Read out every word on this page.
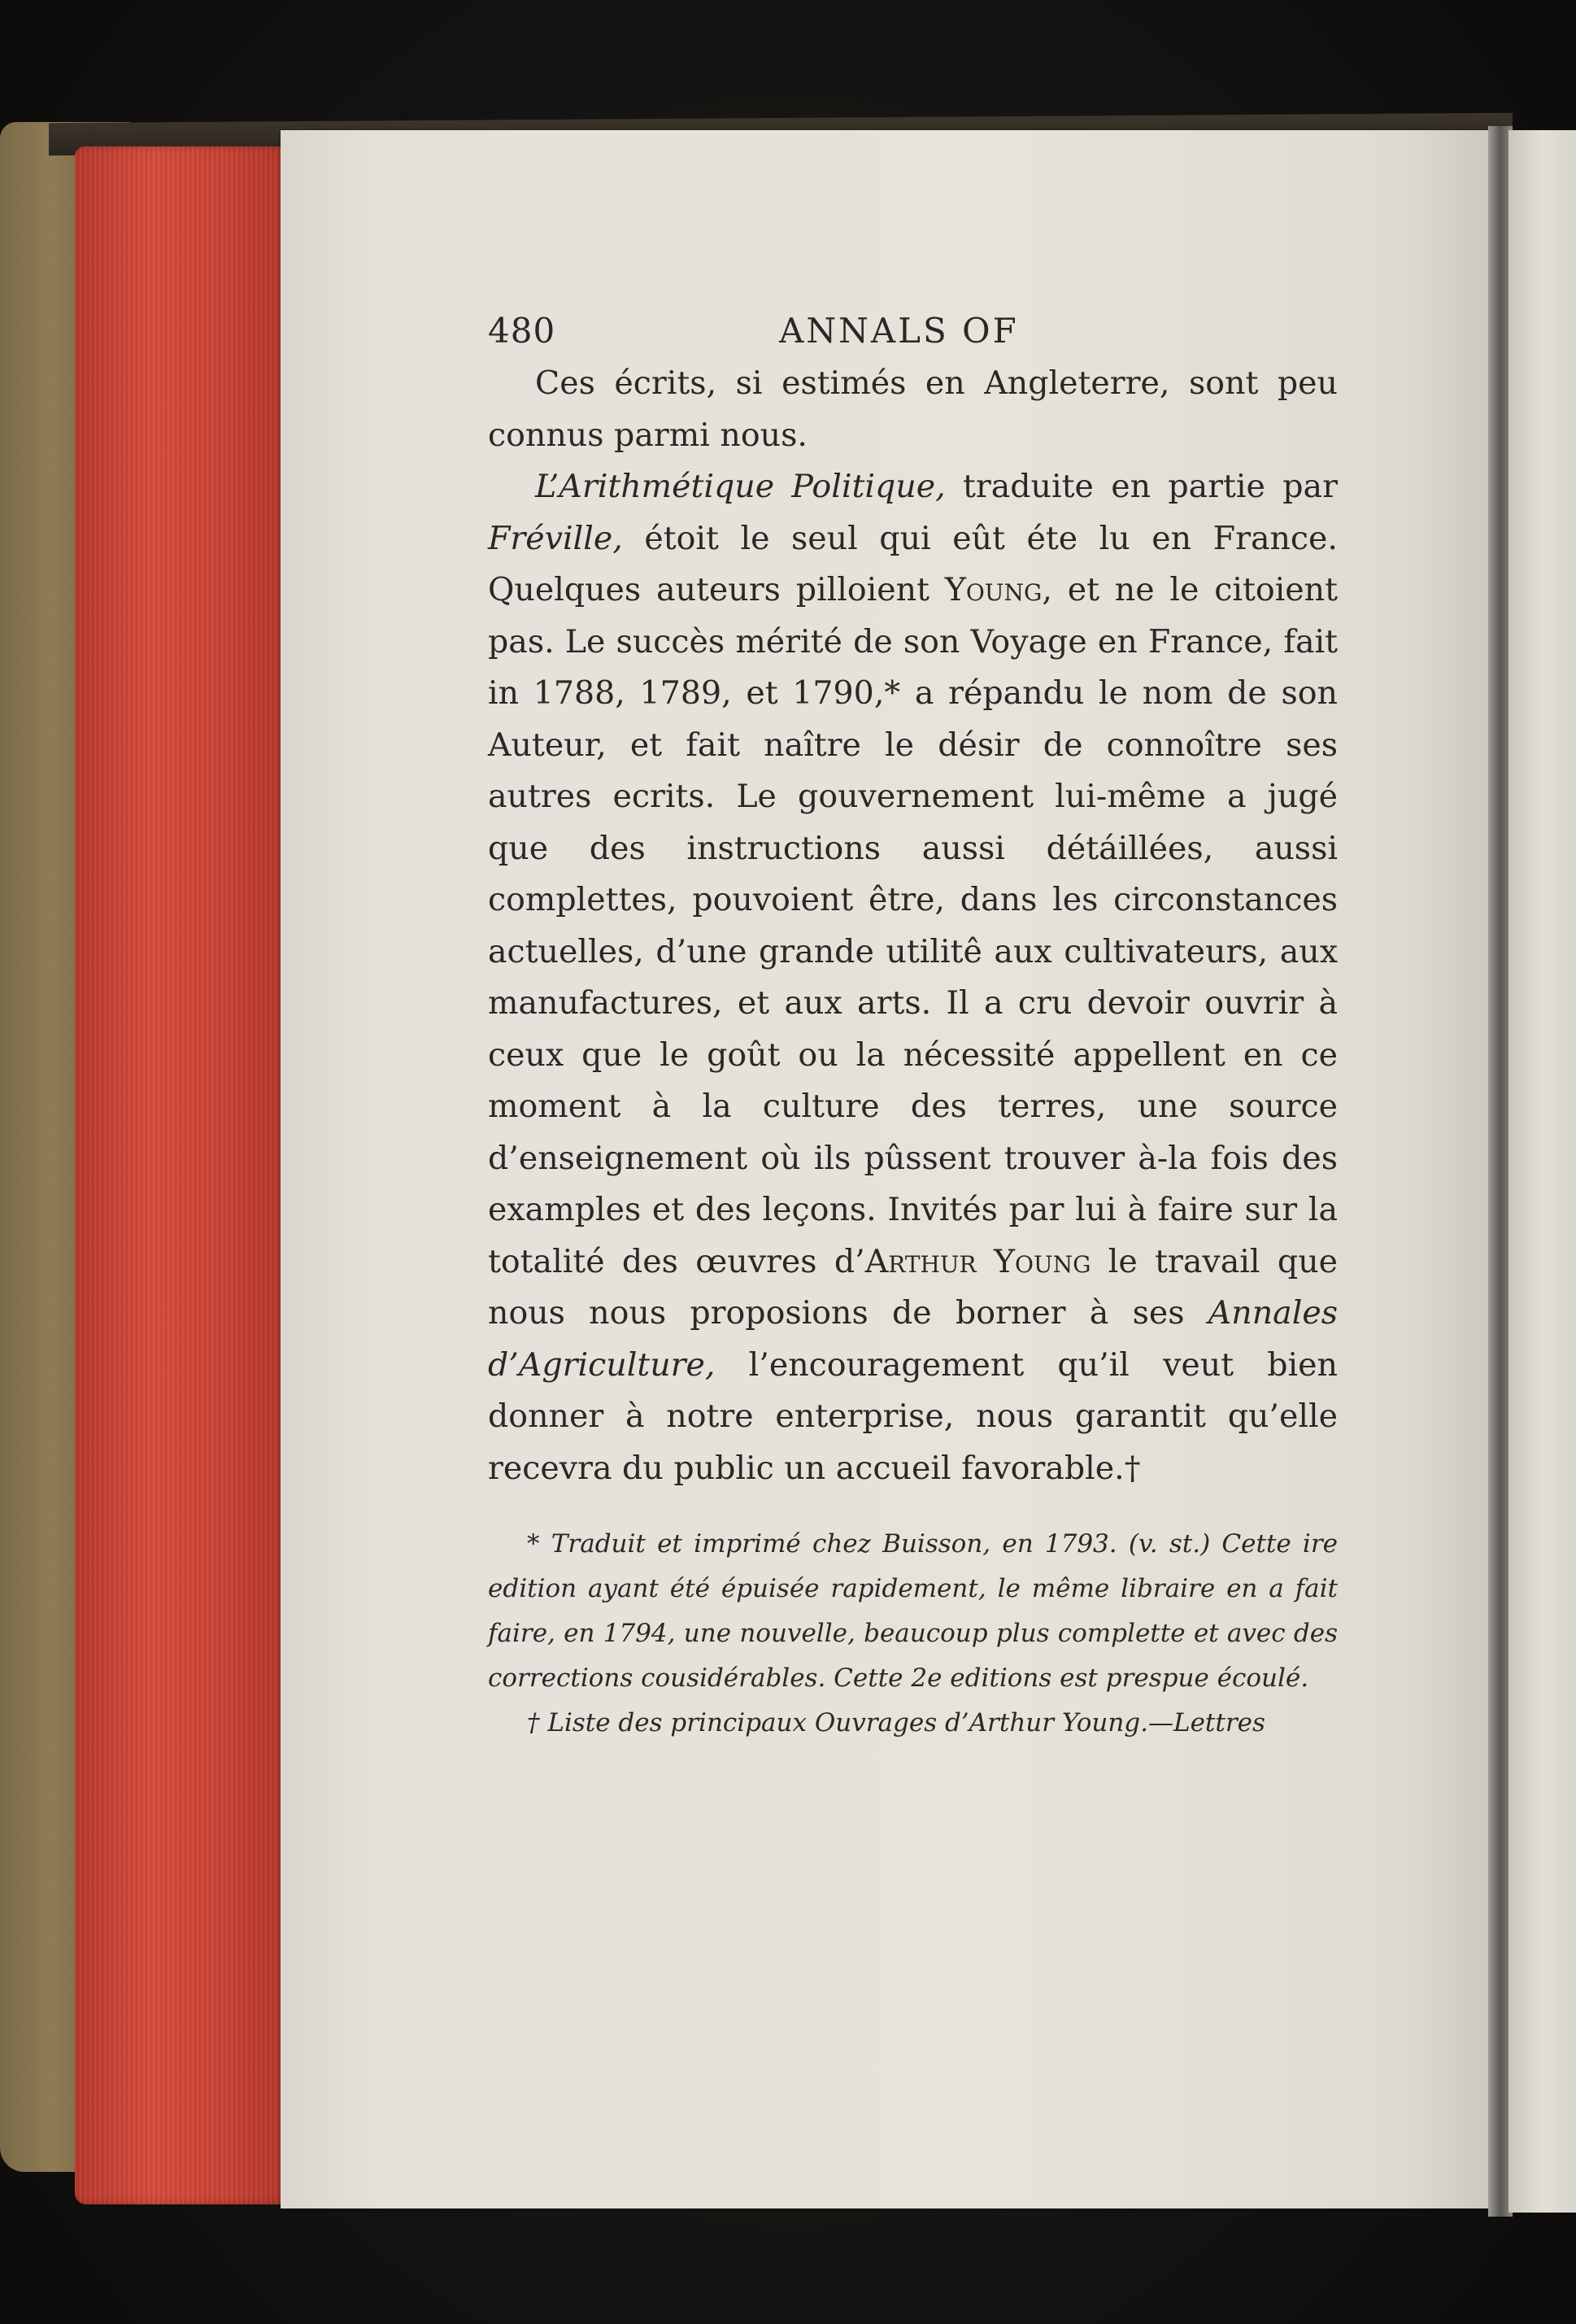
480	ANNALS OF

Ces écrits, si estimés en Angleterre, sont peu connus parmi nous.

L’Arithmétique Politique, traduite en partie par Fréville, étoit le seul qui eût éte lu en France. Quelques auteurs pilloient Young, et ne le citoient pas. Le succès mérité de son Voyage en France, fait in 1788, 1789, et 1790,* a répandu le nom de son Auteur, et fait naître le désir de connoître ses autres ecrits. Le gouvernement lui-même a jugé que des instructions aussi détáillées, aussi complettes, pouvoient être, dans les circonstances actuelles, d’une grande utilitê aux cultivateurs, aux manufactures, et aux arts. Il a cru devoir ouvrir à ceux que le goût ou la nécessité appellent en ce moment à la culture des terres, une source d’enseignement où ils pûssent trouver à-la fois des examples et des leçons. Invités par lui à faire sur la totalité des œuvres d’Arthur Young le travail que nous nous proposions de borner à ses Annales d’Agriculture, l’encouragement qu’il veut bien donner à notre enterprise, nous garantit qu’elle recevra du public un accueil favorable.†

* Traduit et imprimé chez Buisson, en 1793. (v. st.) Cette ire edition ayant été épuisée rapidement, le même libraire en a fait faire, en 1794, une nouvelle, beaucoup plus complette et avec des corrections cousidérables. Cette 2e editions est prespue écoulé.

† Liste des principaux Ouvrages d’Arthur Young.—Lettres
